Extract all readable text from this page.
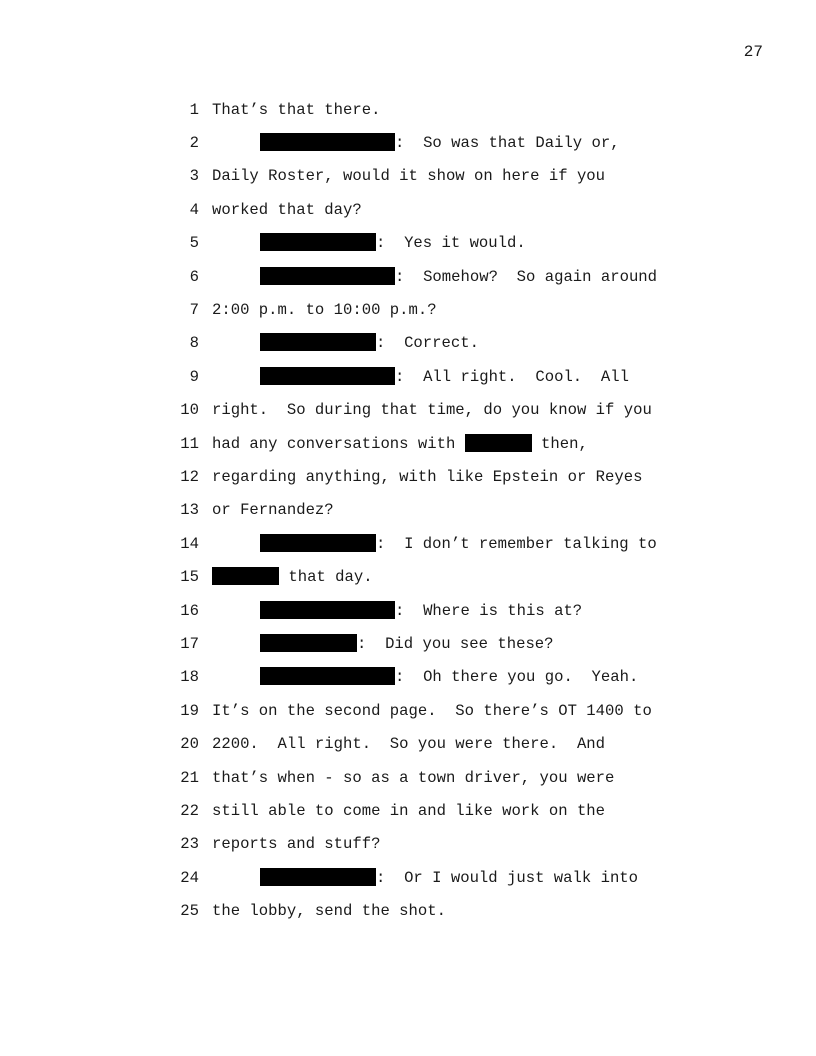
27
1 That’s that there.
2	:  So was that Daily or,
3 Daily Roster, would it show on here if you
4 worked that day?
5	:  Yes it would.
6	:  Somehow?  So again around
7 2:00 p.m. to 10:00 p.m.?
8	:  Correct.
9	:  All right.  Cool.  All
10 right.  So during that time, do you know if you
11 had any conversations with	then,
12 regarding anything, with like Epstein or Reyes
13 or Fernandez?
14	:  I don’t remember talking to
15	that day.
16	:  Where is this at?
17	:  Did you see these?
18	:  Oh there you go.  Yeah.
19 It’s on the second page.  So there’s OT 1400 to
20 2200.  All right.  So you were there.  And
21 that’s when - so as a town driver, you were
22 still able to come in and like work on the
23 reports and stuff?
24	:  Or I would just walk into
25 the lobby, send the shot.
